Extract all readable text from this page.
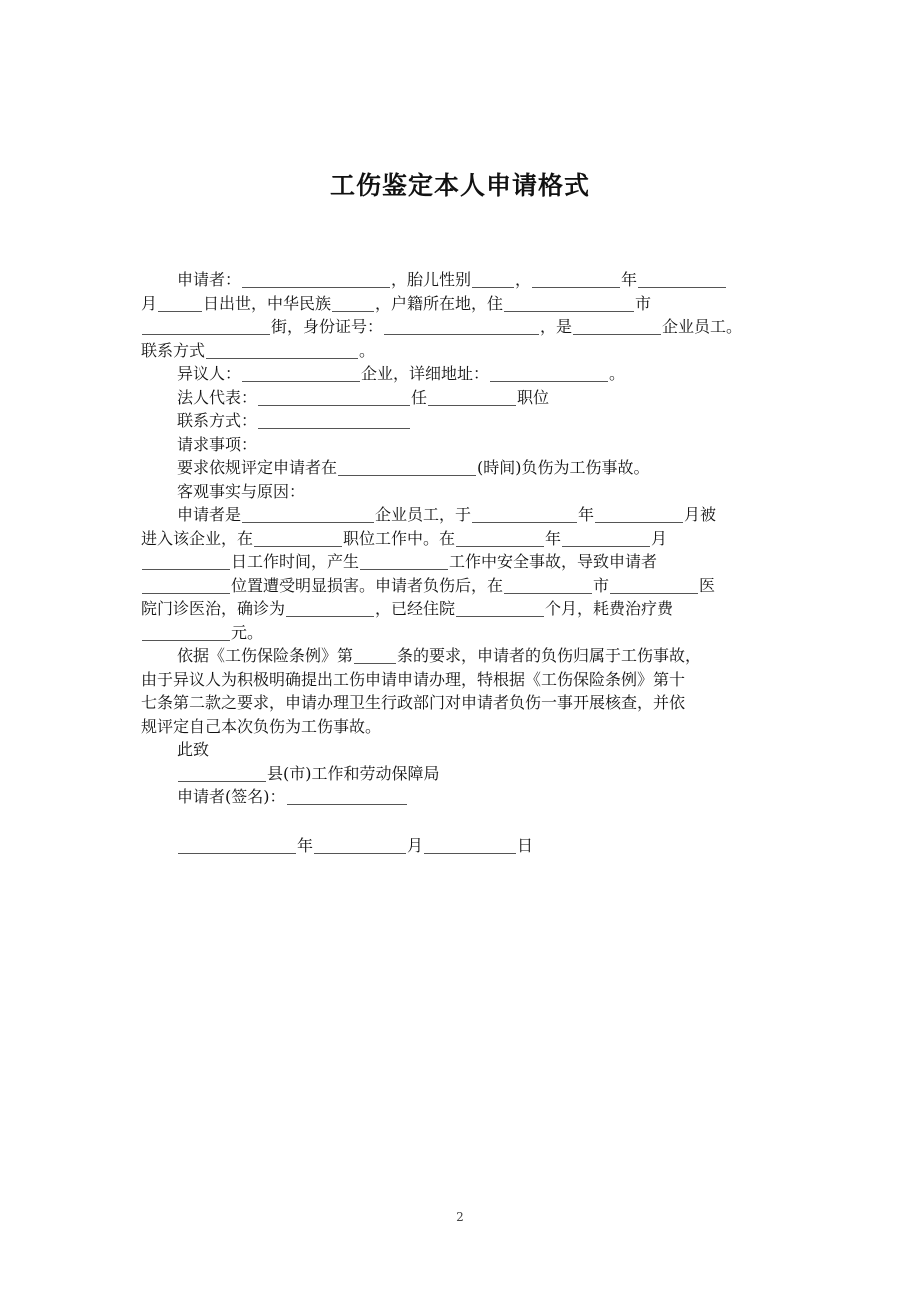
工伤鉴定本人申请格式
申请者：	，胎儿性别	，	年
月	日出世，中华民族	，户籍所在地，住	市
街，身份证号：	，是	企业员工。
联系方式	。
异议人：	企业，详细地址：	。
法人代表：	任	职位
联系方式：
请求事项：
要求依规评定申请者在	(時间)负伤为工伤事故。
客观事实与原因：
申请者是	企业员工，于	年	月被
进入该企业，在	职位工作中。在	年	月
日工作时间，产生	工作中安全事故，导致申请者
位置遭受明显损害。申请者负伤后，在	市	医
院门诊医治，确诊为	，已经住院	个月，耗费治疗费
元。
依据《工伤保险条例》第	条的要求，申请者的负伤归属于工伤事故，
由于异议人为积极明确提出工伤申请申请办理，特根据《工伤保险条例》第十
七条第二款之要求，申请办理卫生行政部门对申请者负伤一事开展核查，并依
规评定自己本次负伤为工伤事故。
此致
县(市)工作和劳动保障局
申请者(签名)：
年	月	日
2
